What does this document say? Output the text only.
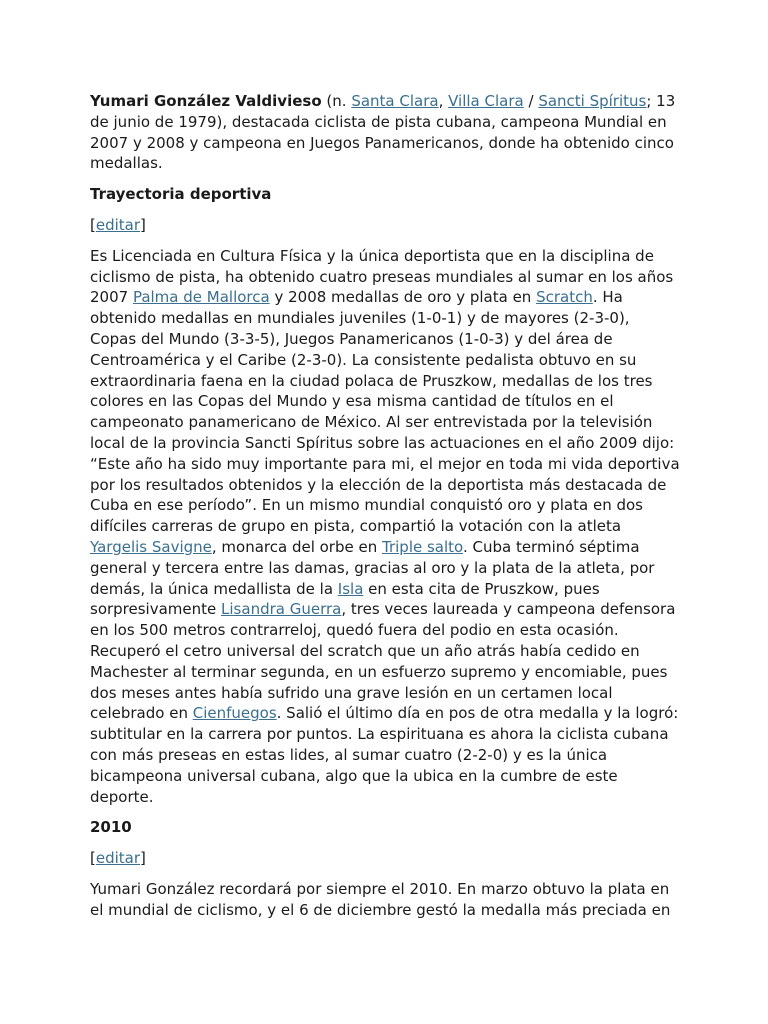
Yumari González Valdivieso (n. Santa Clara, Villa Clara / Sancti Spíritus; 13 de junio de 1979), destacada ciclista de pista cubana, campeona Mundial en 2007 y 2008 y campeona en Juegos Panamericanos, donde ha obtenido cinco medallas.

Trayectoria deportiva

[editar]

Es Licenciada en Cultura Física y la única deportista que en la disciplina de ciclismo de pista, ha obtenido cuatro preseas mundiales al sumar en los años 2007 Palma de Mallorca y 2008 medallas de oro y plata en Scratch. Ha obtenido medallas en mundiales juveniles (1-0-1) y de mayores (2-3-0), Copas del Mundo (3-3-5), Juegos Panamericanos (1-0-3) y del área de Centroamérica y el Caribe (2-3-0). La consistente pedalista obtuvo en su extraordinaria faena en la ciudad polaca de Pruszkow, medallas de los tres colores en las Copas del Mundo y esa misma cantidad de títulos en el campeonato panamericano de México. Al ser entrevistada por la televisión local de la provincia Sancti Spíritus sobre las actuaciones en el año 2009 dijo: “Este año ha sido muy importante para mi, el mejor en toda mi vida deportiva por los resultados obtenidos y la elección de la deportista más destacada de Cuba en ese período”. En un mismo mundial conquistó oro y plata en dos difíciles carreras de grupo en pista, compartió la votación con la atleta Yargelis Savigne, monarca del orbe en Triple salto. Cuba terminó séptima general y tercera entre las damas, gracias al oro y la plata de la atleta, por demás, la única medallista de la Isla en esta cita de Pruszkow, pues sorpresivamente Lisandra Guerra, tres veces laureada y campeona defensora en los 500 metros contrarreloj, quedó fuera del podio en esta ocasión. Recuperó el cetro universal del scratch que un año atrás había cedido en Machester al terminar segunda, en un esfuerzo supremo y encomiable, pues dos meses antes había sufrido una grave lesión en un certamen local celebrado en Cienfuegos. Salió el último día en pos de otra medalla y la logró: subtitular en la carrera por puntos. La espirituana es ahora la ciclista cubana con más preseas en estas lides, al sumar cuatro (2-2-0) y es la única bicampeona universal cubana, algo que la ubica en la cumbre de este deporte.

2010

[editar]

Yumari González recordará por siempre el 2010. En marzo obtuvo la plata en el mundial de ciclismo, y el 6 de diciembre gestó la medalla más preciada en
